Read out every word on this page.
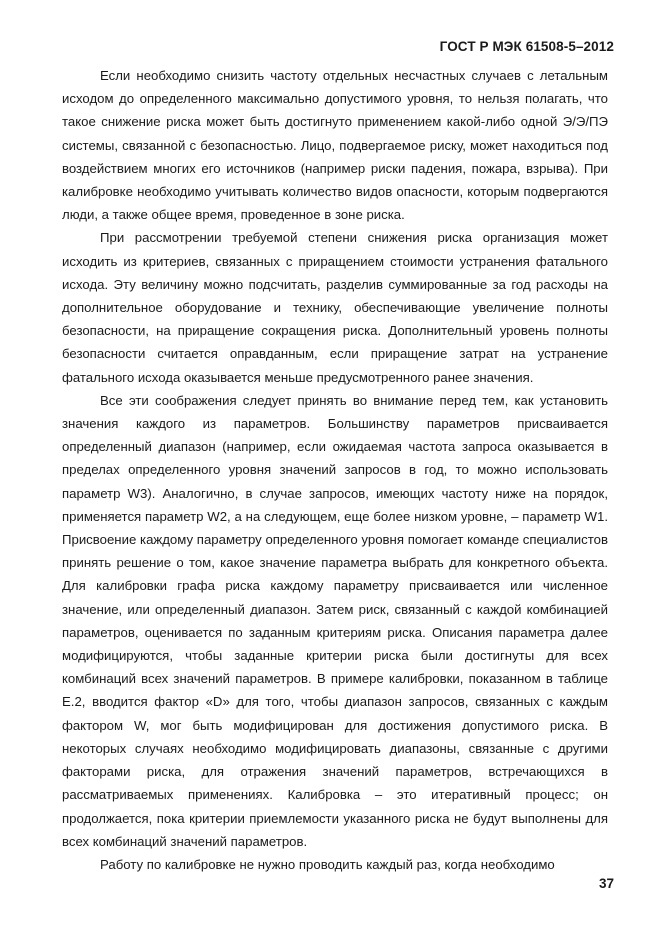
ГОСТ Р МЭК 61508-5–2012

Если необходимо снизить частоту отдельных несчастных случаев с летальным исходом до определенного максимально допустимого уровня, то нельзя полагать, что такое снижение риска может быть достигнуто применением какой-либо одной Э/Э/ПЭ системы, связанной с безопасностью. Лицо, подвергаемое риску, может находиться под воздействием многих его источников (например риски падения, пожара, взрыва). При калибровке необходимо учитывать количество видов опасности, которым подвергаются люди, а также общее время, проведенное в зоне риска.

При рассмотрении требуемой степени снижения риска организация может исходить из критериев, связанных с приращением стоимости устранения фатального исхода. Эту величину можно подсчитать, разделив суммированные за год расходы на дополнительное оборудование и технику, обеспечивающие увеличение полноты безопасности, на приращение сокращения риска. Дополнительный уровень полноты безопасности считается оправданным, если приращение затрат на устранение фатального исхода оказывается меньше предусмотренного ранее значения.

Все эти соображения следует принять во внимание перед тем, как установить значения каждого из параметров. Большинству параметров присваивается определенный диапазон (например, если ожидаемая частота запроса оказывается в пределах определенного уровня значений запросов в год, то можно использовать параметр W3). Аналогично, в случае запросов, имеющих частоту ниже на порядок, применяется параметр W2, а на следующем, еще более низком уровне, – параметр W1. Присвоение каждому параметру определенного уровня помогает команде специалистов принять решение о том, какое значение параметра выбрать для конкретного объекта. Для калибровки графа риска каждому параметру присваивается или численное значение, или определенный диапазон. Затем риск, связанный с каждой комбинацией параметров, оценивается по заданным критериям риска. Описания параметра далее модифицируются, чтобы заданные критерии риска были достигнуты для всех комбинаций всех значений параметров. В примере калибровки, показанном в таблице Е.2, вводится фактор «D» для того, чтобы диапазон запросов, связанных с каждым фактором W, мог быть модифицирован для достижения допустимого риска. В некоторых случаях необходимо модифицировать диапазоны, связанные с другими факторами риска, для отражения значений параметров, встречающихся в рассматриваемых применениях. Калибровка – это итеративный процесс; он продолжается, пока критерии приемлемости указанного риска не будут выполнены для всех комбинаций значений параметров.

Работу по калибровке не нужно проводить каждый раз, когда необходимо

37
